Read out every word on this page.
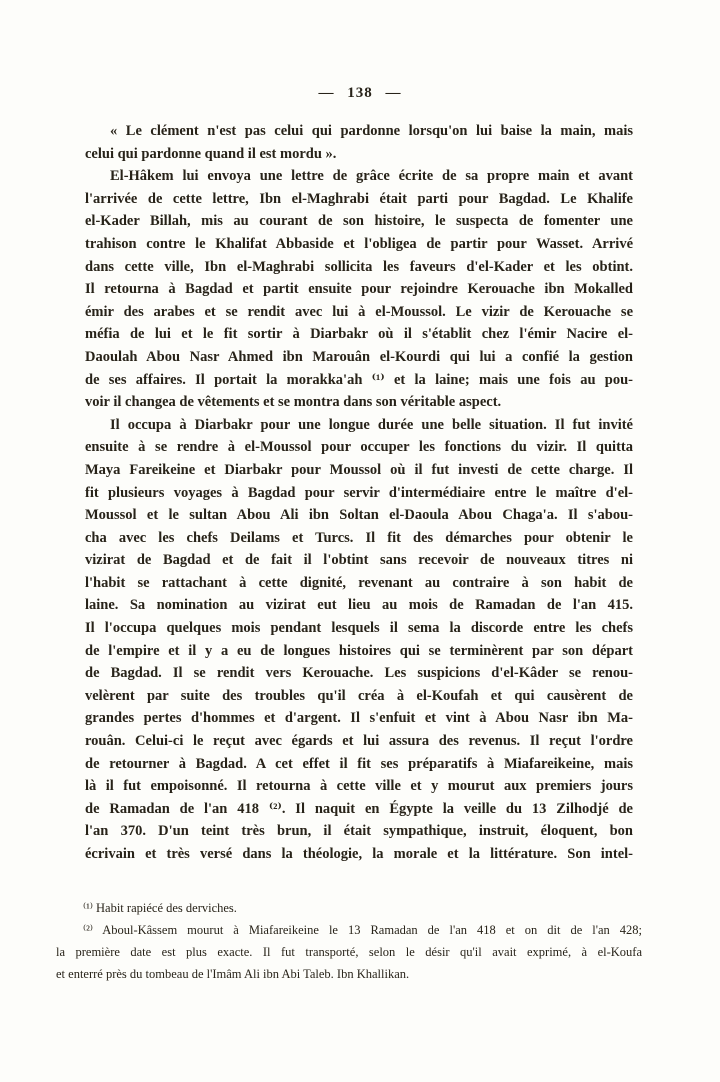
— 138 —
« Le clément n'est pas celui qui pardonne lorsqu'on lui baise la main, mais
celui qui pardonne quand il est mordu ».
El-Hâkem lui envoya une lettre de grâce écrite de sa propre main et avant
l'arrivée de cette lettre, Ibn el-Maghrabi était parti pour Bagdad. Le Khalife
el-Kader Billah, mis au courant de son histoire, le suspecta de fomenter une
trahison contre le Khalifat Abbaside et l'obligea de partir pour Wasset. Arrivé
dans cette ville, Ibn el-Maghrabi sollicita les faveurs d'el-Kader et les obtint.
Il retourna à Bagdad et partit ensuite pour rejoindre Kerouache ibn Mokalled
émir des arabes et se rendit avec lui à el-Moussol. Le vizir de Kerouache se
méfia de lui et le fit sortir à Diarbakr où il s'établit chez l'émir Nacire el-
Daoulah Abou Nasr Ahmed ibn Marouân el-Kourdi qui lui a confié la gestion
de ses affaires. Il portait la morakka'ah ⁽¹⁾ et la laine; mais une fois au pou-
voir il changea de vêtements et se montra dans son véritable aspect.
Il occupa à Diarbakr pour une longue durée une belle situation. Il fut invité
ensuite à se rendre à el-Moussol pour occuper les fonctions du vizir. Il quitta
Maya Fareikeine et Diarbakr pour Moussol où il fut investi de cette charge. Il
fit plusieurs voyages à Bagdad pour servir d'intermédiaire entre le maître d'el-
Moussol et le sultan Abou Ali ibn Soltan el-Daoula Abou Chaga'a. Il s'abou-
cha avec les chefs Deilams et Turcs. Il fit des démarches pour obtenir le
vizirat de Bagdad et de fait il l'obtint sans recevoir de nouveaux titres ni
l'habit se rattachant à cette dignité, revenant au contraire à son habit de
laine. Sa nomination au vizirat eut lieu au mois de Ramadan de l'an 415.
Il l'occupa quelques mois pendant lesquels il sema la discorde entre les chefs
de l'empire et il y a eu de longues histoires qui se terminèrent par son départ
de Bagdad. Il se rendit vers Kerouache. Les suspicions d'el-Kâder se renou-
velèrent par suite des troubles qu'il créa à el-Koufah et qui causèrent de
grandes pertes d'hommes et d'argent. Il s'enfuit et vint à Abou Nasr ibn Ma-
rouân. Celui-ci le reçut avec égards et lui assura des revenus. Il reçut l'ordre
de retourner à Bagdad. A cet effet il fit ses préparatifs à Miafareikeine, mais
là il fut empoisonné. Il retourna à cette ville et y mourut aux premiers jours
de Ramadan de l'an 418 ⁽²⁾. Il naquit en Égypte la veille du 13 Zilhodjé de
l'an 370. D'un teint très brun, il était sympathique, instruit, éloquent, bon
écrivain et très versé dans la théologie, la morale et la littérature. Son intel-
⁽¹⁾ Habit rapiécé des derviches.
⁽²⁾ Aboul-Kâssem mourut à Miafareikeine le 13 Ramadan de l'an 418 et on dit de l'an 428;
la première date est plus exacte. Il fut transporté, selon le désir qu'il avait exprimé, à el-Koufa
et enterré près du tombeau de l'Imâm Ali ibn Abi Taleb. Ibn Khallikan.
